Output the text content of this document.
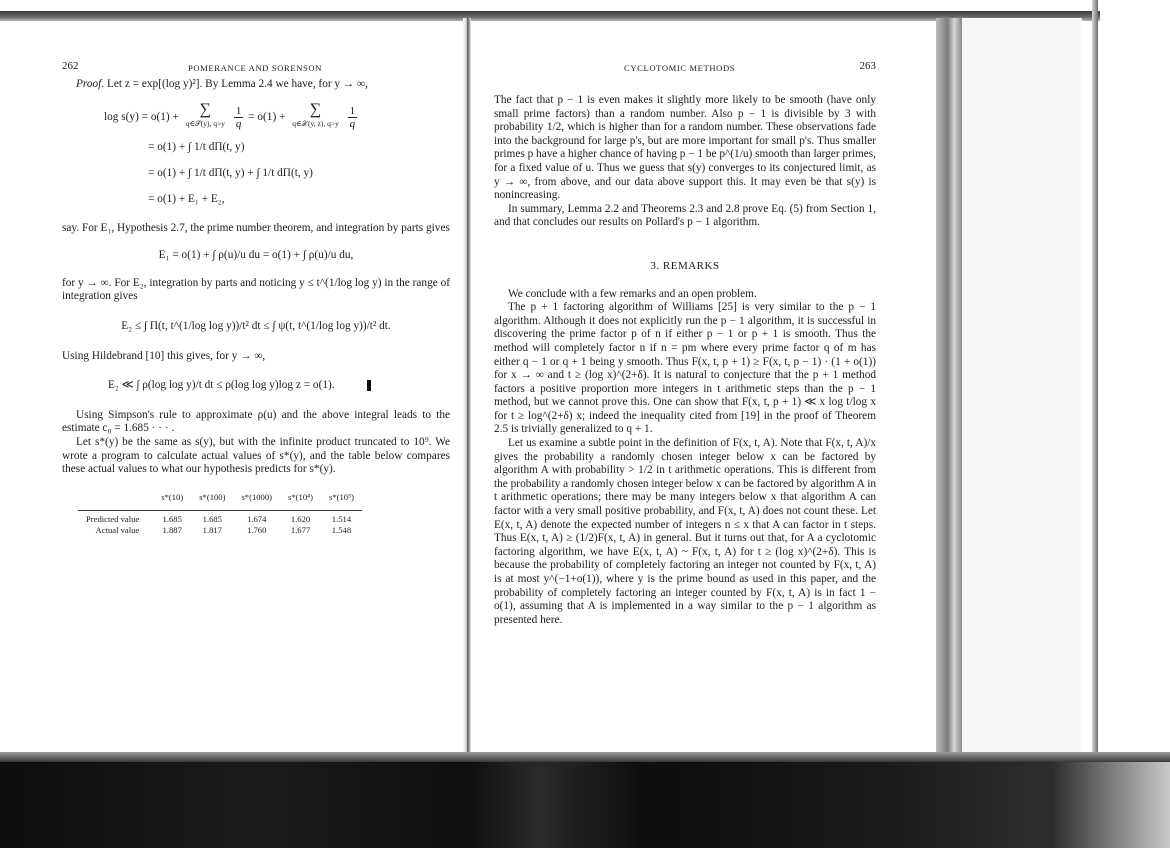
262	POMERANCE AND SORENSON

Proof. Let z = exp[(log y)²]. By Lemma 2.4 we have, for y → ∞,

log s(y) = o(1) + ∑
q∈𝒮(y), $q>y \frac{1}{q} = o(1)$ + ∑
q∈𝒳(y, z), $q>y \frac{1}{q}$
= o(1) + ∫ 1/t dΠ(t, y)
= o(1) + ∫ 1/t dΠ(t, y) + ∫ 1/t dΠ(t, y)
= o(1) + E₁ + E₂,

say. For E₁, Hypothesis 2.7, the prime number theorem, and integration by parts gives

E₁ = o(1) + ∫ ρ(u)/u du = o(1) + ∫ ρ(u)/u du,

for y → ∞. For E₂, integration by parts and noticing y ≤ t^(1/log log y) in the range of integration gives

E₂ ≤ ∫ Π(t, t^(1/log log y))/t² dt ≤ ∫ ψ(t, t^(1/log log y))/t² dt.

Using Hildebrand [10] this gives, for y → ∞,

E₂ ≪ ∫ ρ(log log y)/t dt ≤ ρ(log log y)log z = o(1).

Using Simpson's rule to approximate ρ(u) and the above integral leads to the estimate c₀ = 1.685 · · · .

Let s*(y) be the same as s(y), but with the infinite product truncated to 10⁹. We wrote a program to calculate actual values of s*(y), and the table below compares these actual values to what our hypothesis predicts for s*(y).

	s*(10)	s*(100)	s*(1000)	s*(10⁴)	s*(10⁵)
Predicted value	1.685	1.685	1.674	1.620	1.514
Actual value	1.887	1.817	1.760	1.677	1.548
CYCLOTOMIC METHODS	263

The fact that p − 1 is even makes it slightly more likely to be smooth (have only small prime factors) than a random number. Also p − 1 is divisible by 3 with probability 1/2, which is higher than for a random number. These observations fade into the background for large p's, but are more important for small p's. Thus smaller primes p have a higher chance of having p − 1 be p^(1/u) smooth than larger primes, for a fixed value of u. Thus we guess that s(y) converges to its conjectured limit, as y → ∞, from above, and our data above support this. It may even be that s(y) is nonincreasing.

In summary, Lemma 2.2 and Theorems 2.3 and 2.8 prove Eq. (5) from Section 1, and that concludes our results on Pollard's p − 1 algorithm.

3. REMARKS

We conclude with a few remarks and an open problem.

The p + 1 factoring algorithm of Williams [25] is very similar to the p − 1 algorithm. Although it does not explicitly run the p − 1 algorithm, it is successful in discovering the prime factor p of n if either p − 1 or p + 1 is smooth. Thus the method will completely factor n if n = pm where every prime factor q of m has either q − 1 or q + 1 being y smooth. Thus F(x, t, p + 1) ≥ F(x, t, p − 1) · (1 + o(1)) for x → ∞ and t ≥ (log x)^(2+δ). It is natural to conjecture that the p + 1 method factors a positive proportion more integers in t arithmetic steps than the p − 1 method, but we cannot prove this. One can show that F(x, t, p + 1) ≪ x log t/log x for t ≥ log^(2+δ) x; indeed the inequality cited from [19] in the proof of Theorem 2.5 is trivially generalized to q + 1.

Let us examine a subtle point in the definition of F(x, t, A). Note that F(x, t, A)/x gives the probability a randomly chosen integer below x can be factored by algorithm A with probability > 1/2 in t arithmetic operations. This is different from the probability a randomly chosen integer below x can be factored by algorithm A in t arithmetic operations; there may be many integers below x that algorithm A can factor with a very small positive probability, and F(x, t, A) does not count these. Let E(x, t, A) denote the expected number of integers n ≤ x that A can factor in t steps. Thus E(x, t, A) ≥ (1/2)F(x, t, A) in general. But it turns out that, for A a cyclotomic factoring algorithm, we have E(x, t, A) ~ F(x, t, A) for t ≥ (log x)^(2+δ). This is because the probability of completely factoring an integer not counted by F(x, t, A) is at most y^(−1+o(1)), where y is the prime bound as used in this paper, and the probability of completely factoring an integer counted by F(x, t, A) is in fact 1 − o(1), assuming that A is implemented in a way similar to the p − 1 algorithm as presented here.
